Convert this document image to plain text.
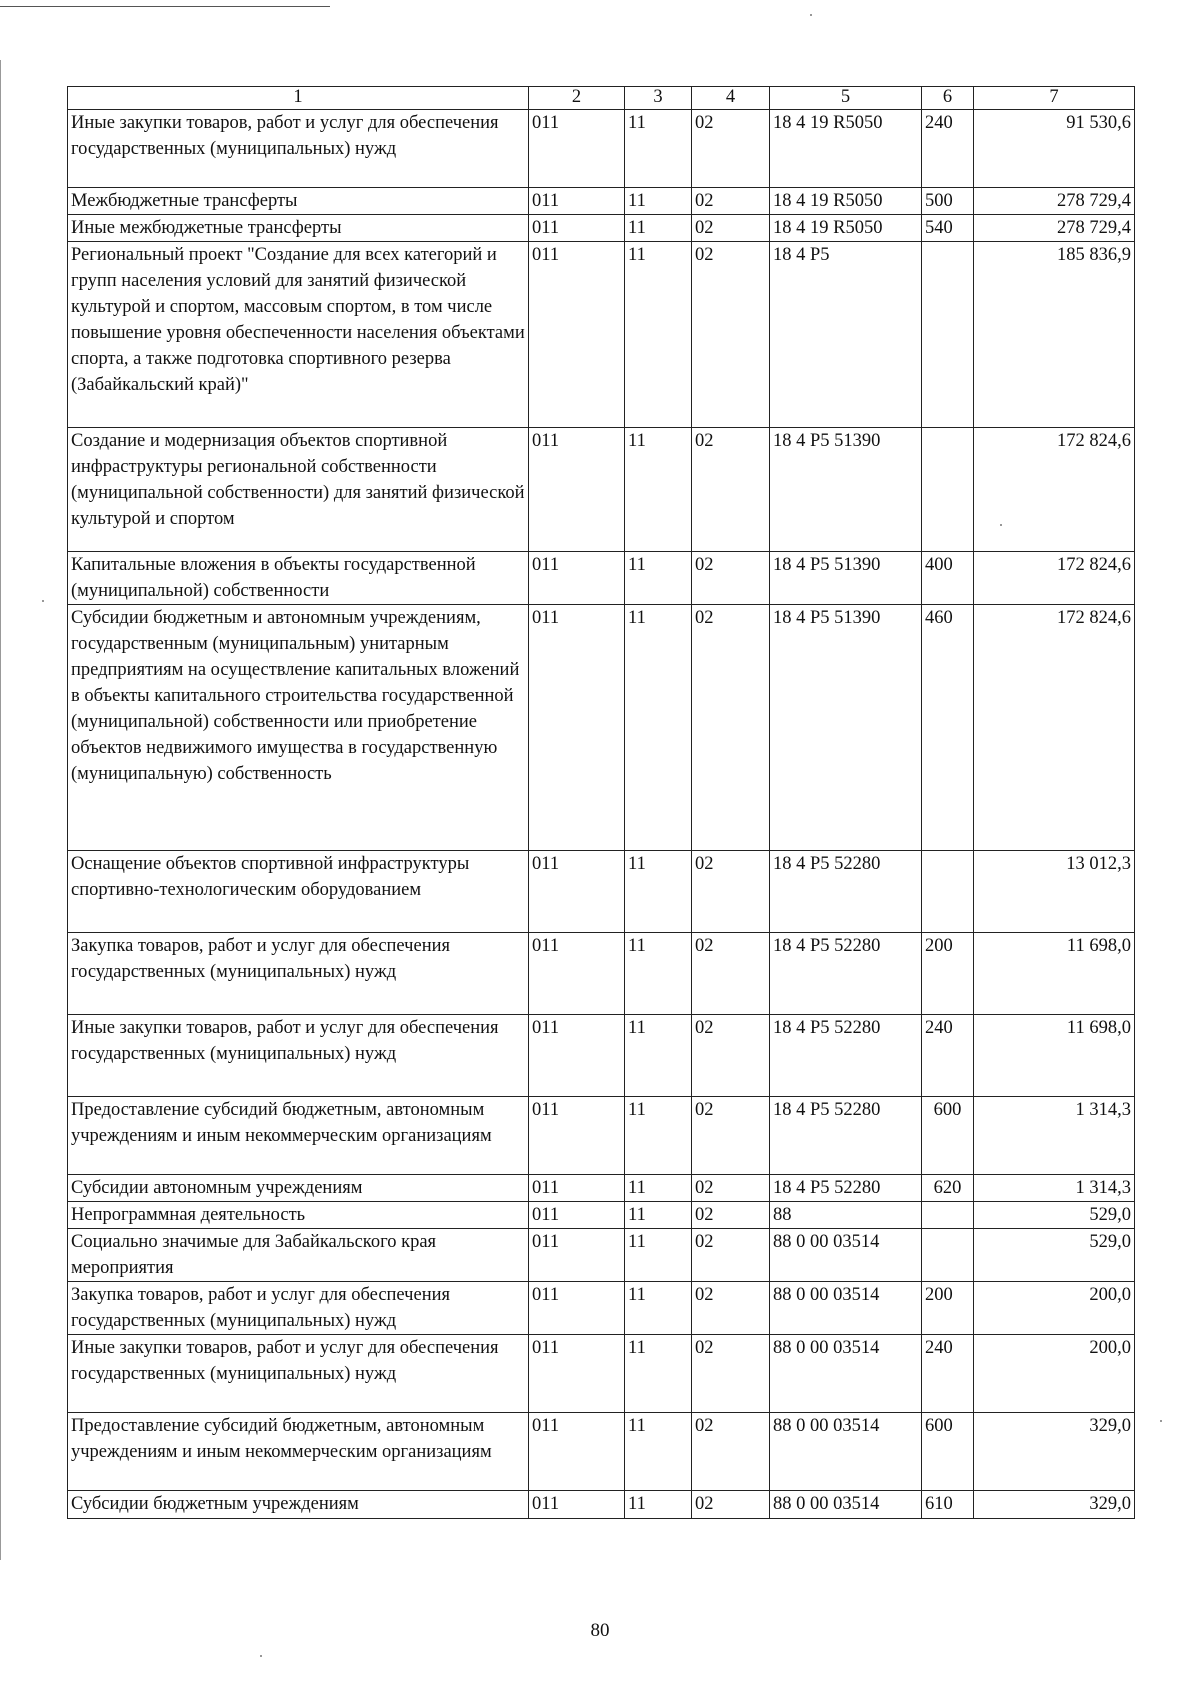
1	2	3	4	5	6	7
Иные закупки товаров, работ и услуг для обеспечения государственных (муниципальных) нужд	011	11	02	18 4 19 R5050	240	91 530,6
Межбюджетные трансферты	011	11	02	18 4 19 R5050	500	278 729,4
Иные межбюджетные трансферты	011	11	02	18 4 19 R5050	540	278 729,4
Региональный проект "Создание для всех категорий и групп населения условий для занятий физической культурой и спортом, массовым спортом, в том числе повышение уровня обеспеченности населения объектами спорта, а также подготовка спортивного резерва (Забайкальский край)"	011	11	02	18 4 P5		185 836,9
Создание и модернизация объектов спортивной инфраструктуры региональной собственности (муниципальной собственности) для занятий физической культурой и спортом	011	11	02	18 4 P5 51390		172 824,6
Капитальные вложения в объекты государственной (муниципальной) собственности	011	11	02	18 4 P5 51390	400	172 824,6
Субсидии бюджетным и автономным учреждениям, государственным (муниципальным) унитарным предприятиям на осуществление капитальных вложений в объекты капитального строительства государственной (муниципальной) собственности или приобретение объектов недвижимого имущества в государственную (муниципальную) собственность	011	11	02	18 4 P5 51390	460	172 824,6
Оснащение объектов спортивной инфраструктуры спортивно-технологическим оборудованием	011	11	02	18 4 P5 52280		13 012,3
Закупка товаров, работ и услуг для обеспечения государственных (муниципальных) нужд	011	11	02	18 4 P5 52280	200	11 698,0
Иные закупки товаров, работ и услуг для обеспечения государственных (муниципальных) нужд	011	11	02	18 4 P5 52280	240	11 698,0
Предоставление субсидий бюджетным, автономным учреждениям и иным некоммерческим организациям	011	11	02	18 4 P5 52280	600	1 314,3
Субсидии автономным учреждениям	011	11	02	18 4 P5 52280	620	1 314,3
Непрограммная деятельность	011	11	02	88		529,0
Социально значимые для Забайкальского края мероприятия	011	11	02	88 0 00 03514		529,0
Закупка товаров, работ и услуг для обеспечения государственных (муниципальных) нужд	011	11	02	88 0 00 03514	200	200,0
Иные закупки товаров, работ и услуг для обеспечения государственных (муниципальных) нужд	011	11	02	88 0 00 03514	240	200,0
Предоставление субсидий бюджетным, автономным учреждениям и иным некоммерческим организациям	011	11	02	88 0 00 03514	600	329,0
Субсидии бюджетным учреждениям	011	11	02	88 0 00 03514	610	329,0
80
